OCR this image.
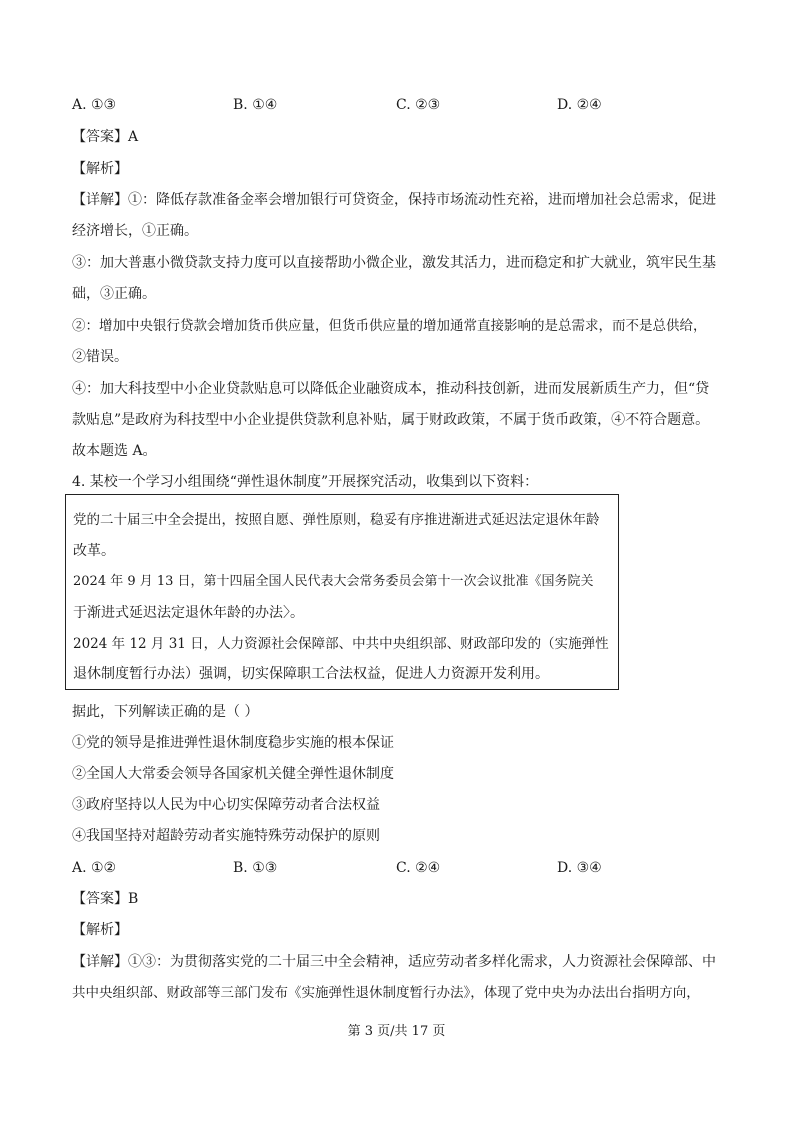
A. ①③	B. ①④	C. ②③	D. ②④
【答案】A
【解析】
【详解】①：降低存款准备金率会增加银行可贷资金，保持市场流动性充裕，进而增加社会总需求，促进
经济增长，①正确。
③：加大普惠小微贷款支持力度可以直接帮助小微企业，激发其活力，进而稳定和扩大就业，筑牢民生基
础，③正确。
②：增加中央银行贷款会增加货币供应量，但货币供应量的增加通常直接影响的是总需求，而不是总供给，
②错误。
④：加大科技型中小企业贷款贴息可以降低企业融资成本，推动科技创新，进而发展新质生产力，但“贷
款贴息”是政府为科技型中小企业提供贷款利息补贴，属于财政政策，不属于货币政策，④不符合题意。
故本题选 A。
4. 某校一个学习小组围绕“弹性退休制度”开展探究活动，收集到以下资料：
党的二十届三中全会提出，按照自愿、弹性原则，稳妥有序推进渐进式延迟法定退休年龄
改革。
2024 年 9 月 13 日，第十四届全国人民代表大会常务委员会第十一次会议批准《国务院关
于渐进式延迟法定退休年龄的办法〉。
2024 年 12 月 31 日，人力资源社会保障部、中共中央组织部、财政部印发的（实施弹性
退休制度暂行办法）强调，切实保障职工合法权益，促进人力资源开发利用。
据此，下列解读正确的是（ ）
①党的领导是推进弹性退休制度稳步实施的根本保证
②全国人大常委会领导各国家机关健全弹性退休制度
③政府坚持以人民为中心切实保障劳动者合法权益
④我国坚持对超龄劳动者实施特殊劳动保护的原则
A. ①②	B. ①③	C. ②④	D. ③④
【答案】B
【解析】
【详解】①③：为贯彻落实党的二十届三中全会精神，适应劳动者多样化需求，人力资源社会保障部、中
共中央组织部、财政部等三部门发布《实施弹性退休制度暂行办法》，体现了党中央为办法出台指明方向，
第 3 页/共 17 页
